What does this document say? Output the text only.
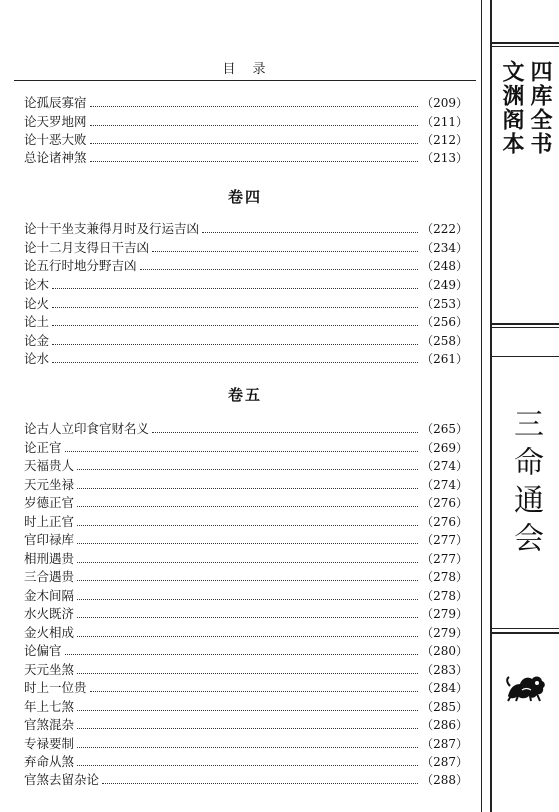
目　录
论孤辰寡宿	（209）
论天罗地网	（211）
论十恶大败	（212）
总论诸神煞	（213）
卷四
论十干坐支兼得月时及行运吉凶	（222）
论十二月支得日干吉凶	（234）
论五行时地分野吉凶	（248）
论木	（249）
论火	（253）
论土	（256）
论金	（258）
论水	（261）
卷五
论古人立印食官财名义	（265）
论正官	（269）
天福贵人	（274）
天元坐禄	（274）
岁德正官	（276）
时上正官	（276）
官印禄库	（277）
相刑遇贵	（277）
三合遇贵	（278）
金木间隔	（278）
水火既济	（279）
金火相成	（279）
论偏官	（280）
天元坐煞	（283）
时上一位贵	（284）
年上七煞	（285）
官煞混杂	（286）
专禄要制	（287）
弃命从煞	（287）
官煞去留杂论	（288）
四库全书
文渊阁本
三命通会
